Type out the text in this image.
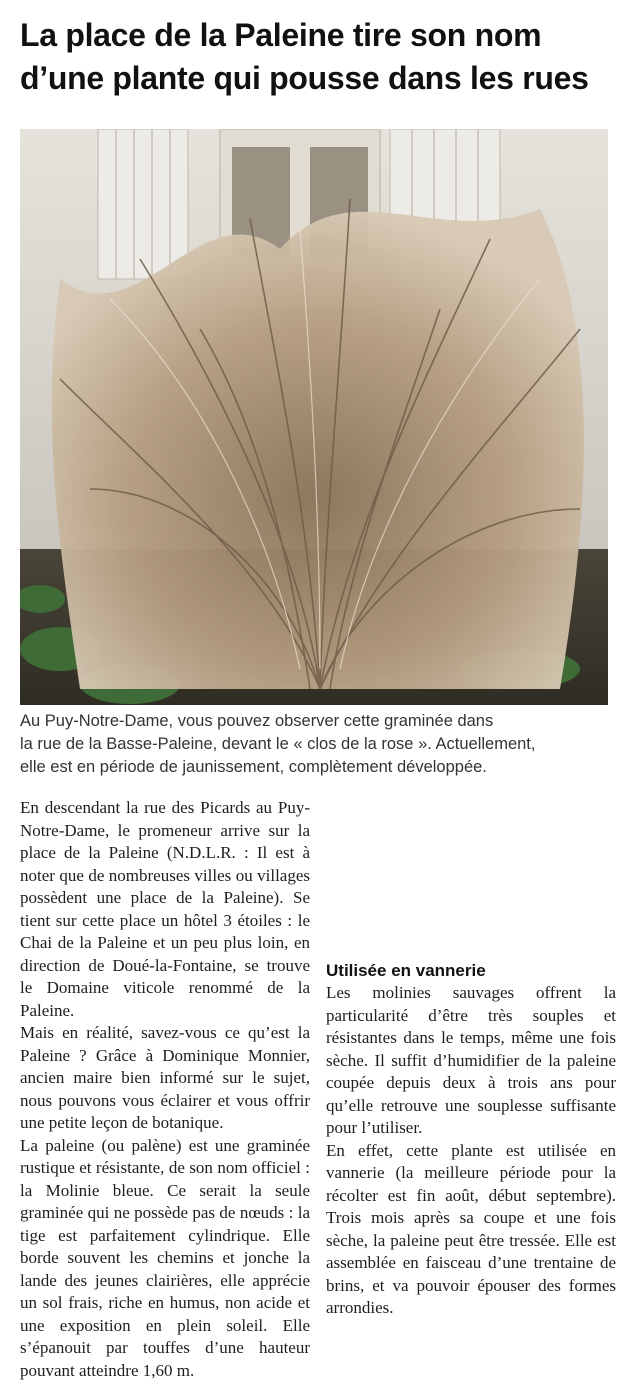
La place de la Paleine tire son nom
d’une plante qui pousse dans les rues
Au Puy-Notre-Dame, vous pouvez observer cette graminée dans
la rue de la Basse-Paleine, devant le « clos de la rose ». Actuellement,
elle est en période de jaunissement, complètement développée.

En descendant la rue des Picards au Puy-Notre-Dame, le promeneur arrive sur la place de la Paleine (N.D.L.R. : Il est à noter que de nombreuses villes ou villages possèdent une place de la Paleine). Se tient sur cette place un hôtel 3 étoiles : le Chai de la Paleine et un peu plus loin, en direction de Doué-la-Fontaine, se trouve le Domaine viticole renommé de la Paleine.

Mais en réalité, savez-vous ce qu’est la Paleine ? Grâce à Dominique Monnier, ancien maire bien informé sur le sujet, nous pouvons vous éclairer et vous offrir une petite leçon de botanique.

La paleine (ou palène) est une graminée rustique et résistante, de son nom officiel : la Molinie bleue. Ce serait la seule graminée qui ne possède pas de nœuds : la tige est parfaitement cylindrique. Elle borde souvent les chemins et jonche la lande des jeunes clairières, elle apprécie un sol frais, riche en humus, non acide et une exposition en plein soleil. Elle s’épanouit par touffes d’une hauteur pouvant atteindre 1,60 m.

Utilisée en vannerie

Les molinies sauvages offrent la particularité d’être très souples et résistantes dans le temps, même une fois sèche. Il suffit d’humidifier de la paleine coupée depuis deux à trois ans pour qu’elle retrouve une souplesse suffisante pour l’utiliser.

En effet, cette plante est utilisée en vannerie (la meilleure période pour la récolter est fin août, début septembre). Trois mois après sa coupe et une fois sèche, la paleine peut être tressée. Elle est assemblée en faisceau d’une trentaine de brins, et va pouvoir épouser des formes arrondies.
